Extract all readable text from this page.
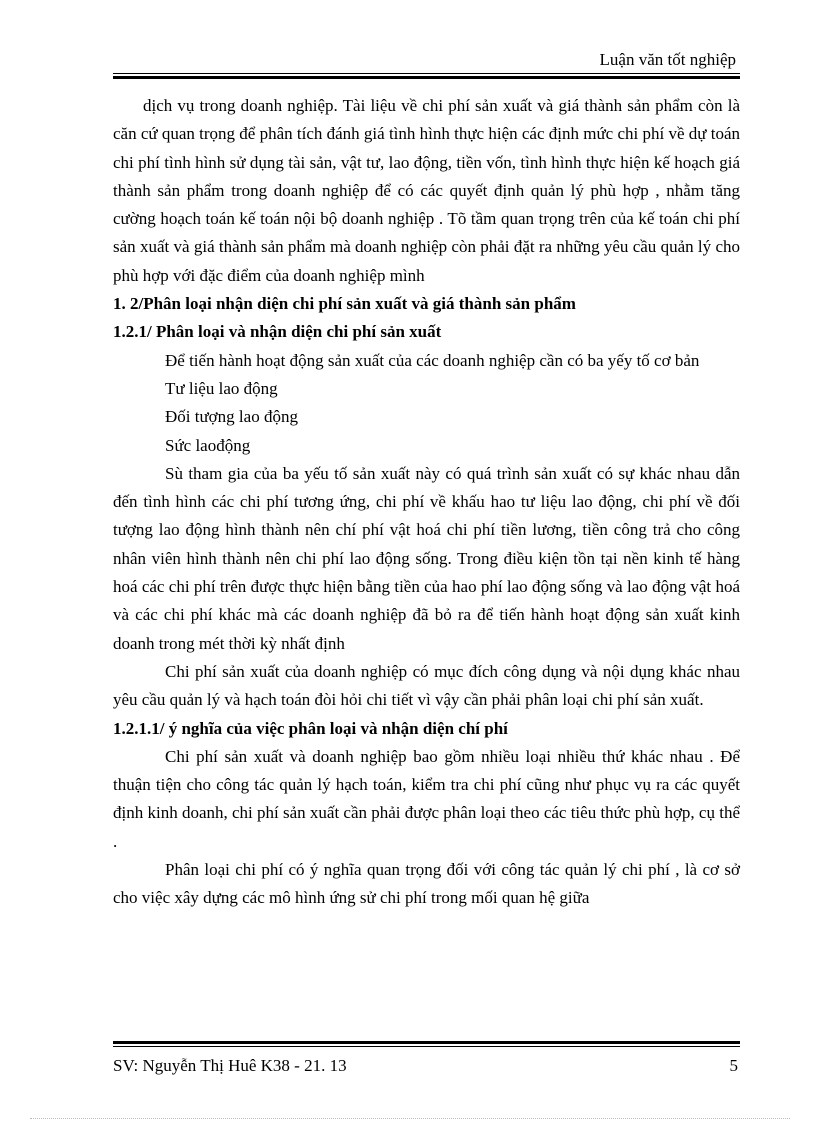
Luận văn tốt nghiệp

dịch vụ trong doanh nghiệp. Tài liệu về chi phí sản xuất và giá thành sản phẩm còn là căn cứ quan trọng để phân tích đánh giá tình hình thực hiện các định mức chi phí về dự toán chi phí tình hình sử dụng tài sản, vật tư, lao động, tiền vốn, tình hình thực hiện kế hoạch giá thành sản phẩm trong doanh nghiệp để có các quyết định quản lý phù hợp , nhằm tăng cường hoạch toán kế toán nội bộ doanh nghiệp . Tõ tầm quan trọng trên của kế toán chi phí sản xuất và giá thành sản phẩm mà doanh nghiệp còn phải đặt ra những yêu cầu quản lý cho phù hợp với đặc điểm của doanh nghiệp mình

1. 2/Phân loại nhận diện chi phí sản xuất và giá thành sản phẩm

1.2.1/ Phân loại và nhận diện chi phí sản xuất

Để tiến hành hoạt động sản xuất của các doanh nghiệp cần có ba yếy tố cơ bản

Tư liệu lao động

Đối tượng lao động

Sức laođộng

Sù tham gia của ba yếu tố sản xuất này có quá trình sản xuất có sự khác nhau dẫn đến tình hình các chi phí tương ứng, chi phí về khấu hao tư liệu lao động, chi phí về đối tượng lao động hình thành nên chí phí vật hoá chi phí tiền lương, tiền công trả cho công nhân viên hình thành nên chi phí lao động sống. Trong điều kiện tồn tại nền kinh tế hàng hoá các chi phí trên được thực hiện bằng tiền của hao phí lao động sống và lao động vật hoá và các chi phí khác mà các doanh nghiệp đã bỏ ra để tiến hành hoạt động sản xuất kinh doanh trong mét thời kỳ nhất định

Chi phí sản xuất của doanh nghiệp có mục đích công dụng và nội dụng khác nhau yêu cầu quản lý và hạch toán đòi hỏi chi tiết vì vậy cần phải phân loại chi phí sản xuất.

1.2.1.1/ ý nghĩa của việc phân loại và nhận diện chí phí

Chi phí sản xuất và doanh nghiệp bao gồm nhiều loại nhiều thứ khác nhau . Để thuận tiện cho công tác quản lý hạch toán, kiểm tra chi phí cũng như phục vụ ra các quyết định kinh doanh, chi phí sản xuất cần phải được phân loại theo các tiêu thức phù hợp, cụ thể .

Phân loại chi phí có ý nghĩa quan trọng đối với công tác quản lý chi phí , là cơ sở cho việc xây dựng các mô hình ứng sử chi phí trong mối quan hệ giữa

SV: Nguyễn Thị Huê K38 - 21. 13	5
